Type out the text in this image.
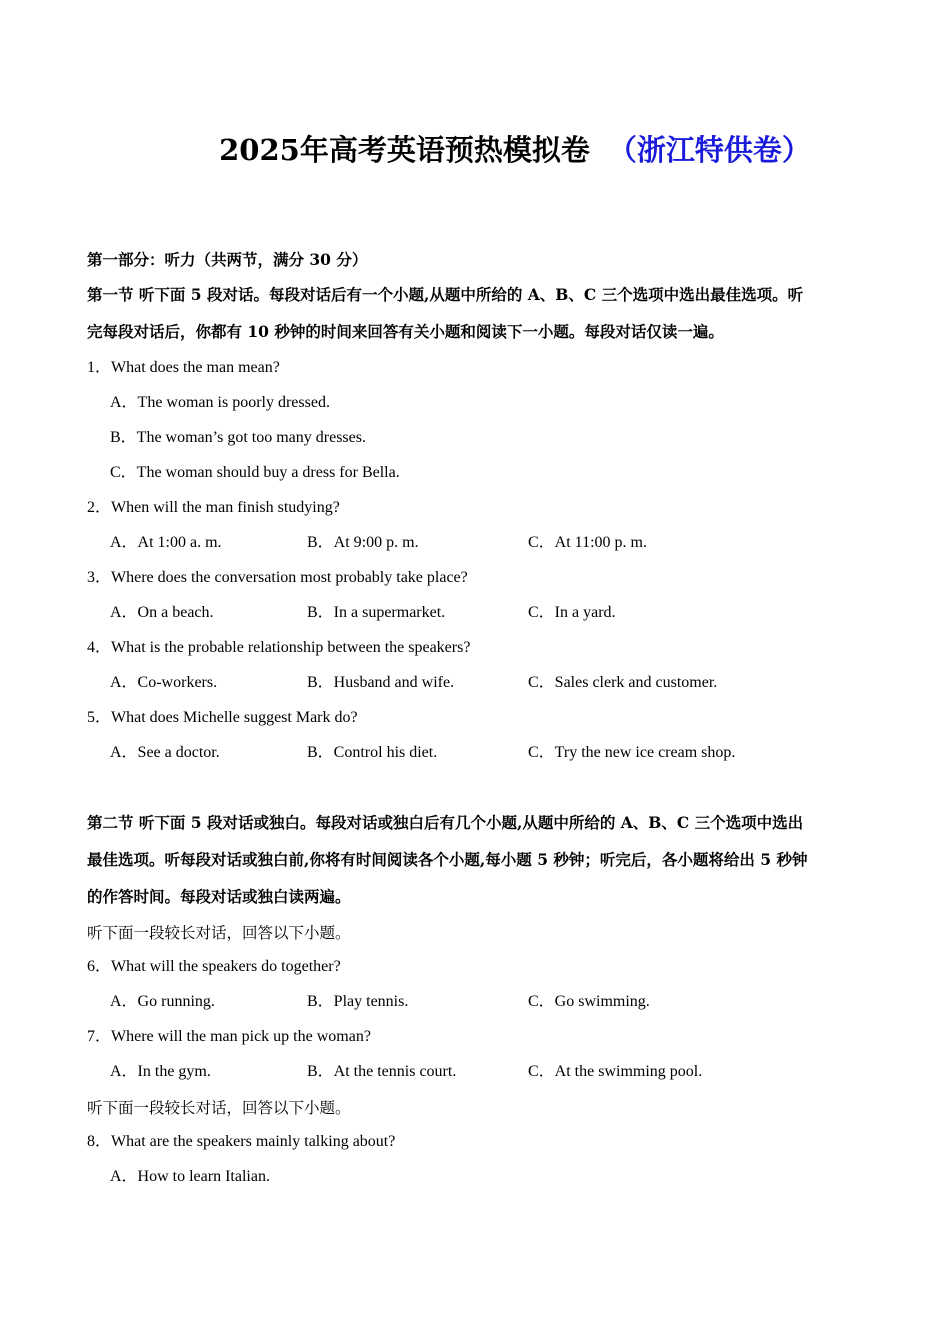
2025年高考英语预热模拟卷 （浙江特供卷）
第一部分：听力（共两节，满分 30 分）
第一节 听下面 5 段对话。每段对话后有一个小题,从题中所给的 A、B、C 三个选项中选出最佳选项。听
完每段对话后，你都有 10 秒钟的时间来回答有关小题和阅读下一小题。每段对话仅读一遍。
1．What does the man mean?
A．The woman is poorly dressed.
B．The woman’s got too many dresses.
C．The woman should buy a dress for Bella.
2．When will the man finish studying?
A．At 1:00 a. m.	B．At 9:00 p. m.	C．At 11:00 p. m.
3．Where does the conversation most probably take place?
A．On a beach.	B．In a supermarket.	C．In a yard.
4．What is the probable relationship between the speakers?
A．Co-workers.	B．Husband and wife.	C．Sales clerk and customer.
5．What does Michelle suggest Mark do?
A．See a doctor.	B．Control his diet.	C．Try the new ice cream shop.
第二节 听下面 5 段对话或独白。每段对话或独白后有几个小题,从题中所给的 A、B、C 三个选项中选出
最佳选项。听每段对话或独白前,你将有时间阅读各个小题,每小题 5 秒钟；听完后，各小题将给出 5 秒钟
的作答时间。每段对话或独白读两遍。
听下面一段较长对话，回答以下小题。
6．What will the speakers do together?
A．Go running.	B．Play tennis.	C．Go swimming.
7．Where will the man pick up the woman?
A．In the gym.	B．At the tennis court.	C．At the swimming pool.
听下面一段较长对话，回答以下小题。
8．What are the speakers mainly talking about?
A．How to learn Italian.
